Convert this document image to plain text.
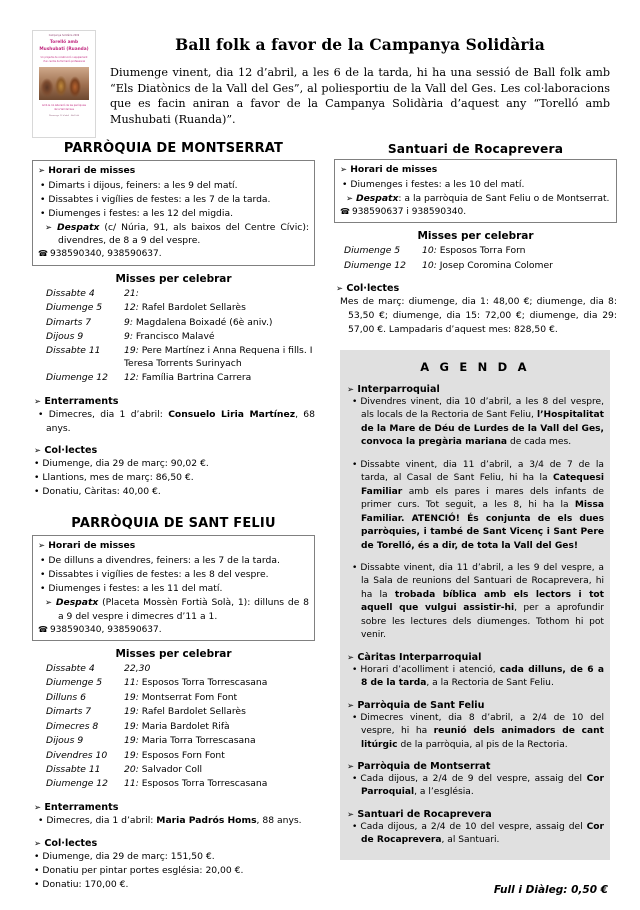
Campanya Solidària 2009
Torelló amb
Mushubati (Ruanda)
Un projecte de construcció i equipament
d'un centre de formació professional
Amb la col·laboració de les parròquies
de la Vall del Ges
Diumenge 12 d'abril · Ball folk
Ball folk a favor de la Campanya Solidària

Diumenge vinent, dia 12 d’abril, a les 6 de la tarda, hi ha una sessió de Ball folk amb “Els Diatònics de la Vall del Ges”, al poliesportiu de la Vall del Ges. Les col·laboracions que es facin aniran a favor de la Campanya Solidària d’aquest any “Torelló amb Mushubati (Ruanda)”.

PARRÒQUIA DE MONTSERRAT
➢ Horari de misses
• Dimarts i dijous, feiners: a les 9 del matí.
• Dissabtes i vigílies de festes: a les 7 de la tarda.
• Diumenges i festes: a les 12 del migdia.
➢ Despatx (c/ Núria, 91, als baixos del Centre Cívic): divendres, de 8 a 9 del vespre.
☎ 938590340, 938590637.
Misses per celebrar
Dissabte 4	21:
Diumenge 5	12: Rafel Bardolet Sellarès
Dimarts 7	9: Magdalena Boixadé (6è aniv.)
Dijous 9	9: Francisco Malavé
Dissabte 11	19: Pere Martínez i Anna Requena i fills. I Teresa Torrents Surinyach
Diumenge 12	12: Família Bartrina Carrera
➢ Enterraments
• Dimecres, dia 1 d’abril: Consuelo Liria Martínez, 68 anys.
➢ Col·lectes
• Diumenge, dia 29 de març: 90,02 €.
• Llantions, mes de març: 86,50 €.
• Donatiu, Càritas: 40,00 €.
PARRÒQUIA DE SANT FELIU
➢ Horari de misses
• De dilluns a divendres, feiners: a les 7 de la tarda.
• Dissabtes i vigílies de festes: a les 8 del vespre.
• Diumenges i festes: a les 11 del matí.
➢ Despatx (Placeta Mossèn Fortià Solà, 1): dilluns de 8 a 9 del vespre i dimecres d’11 a 1.
☎ 938590340, 938590637.
Misses per celebrar
Dissabte 4	22,30
Diumenge 5	11: Esposos Torra Torrescasana
Dilluns 6	19: Montserrat Fom Font
Dimarts 7	19: Rafel Bardolet Sellarès
Dimecres 8	19: Maria Bardolet Rifà
Dijous 9	19: Maria Torra Torrescasana
Divendres 10	19: Esposos Forn Font
Dissabte 11	20: Salvador Coll
Diumenge 12	11: Esposos Torra Torrescasana
➢ Enterraments
• Dimecres, dia 1 d’abril: Maria Padrós Homs, 88 anys.
➢ Col·lectes
• Diumenge, dia 29 de març: 151,50 €.
• Donatiu per pintar portes església: 20,00 €.
• Donatiu: 170,00 €.
Santuari de Rocaprevera
➢ Horari de misses
• Diumenges i festes: a les 10 del matí.
➢ Despatx: a la parròquia de Sant Feliu o de Montserrat.
☎ 938590637 i 938590340.
Misses per celebrar
Diumenge 5	10: Esposos Torra Forn
Diumenge 12	10: Josep Coromina Colomer
➢ Col·lectes
Mes de març: diumenge, dia 1: 48,00 €; diumenge, dia 8: 53,50 €; diumenge, dia 15: 72,00 €; diumenge, dia 29: 57,00 €. Lampadaris d’aquest mes: 828,50 €.
A G E N D A
➢ Interparroquial
• Divendres vinent, dia 10 d’abril, a les 8 del vespre, als locals de la Rectoria de Sant Feliu, l’Hospitalitat de la Mare de Déu de Lurdes de la Vall del Ges, convoca la pregària mariana de cada mes.
• Dissabte vinent, dia 11 d’abril, a 3/4 de 7 de la tarda, al Casal de Sant Feliu, hi ha la Catequesi Familiar amb els pares i mares dels infants de primer curs. Tot seguit, a les 8, hi ha la Missa Familiar. ATENCIÓ! És conjunta de els dues parròquies, i també de Sant Vicenç i Sant Pere de Torelló, és a dir, de tota la Vall del Ges!
• Dissabte vinent, dia 11 d’abril, a les 9 del vespre, a la Sala de reunions del Santuari de Rocaprevera, hi ha la trobada bíblica amb els lectors i tot aquell que vulgui assistir-hi, per a aprofundir sobre les lectures dels diumenges. Tothom hi pot venir.
➢ Càritas Interparroquial
• Horari d’acolliment i atenció, cada dilluns, de 6 a 8 de la tarda, a la Rectoria de Sant Feliu.
➢ Parròquia de Sant Feliu
• Dimecres vinent, dia 8 d’abril, a 2/4 de 10 del vespre, hi ha reunió dels animadors de cant litúrgic de la parròquia, al pis de la Rectoria.
➢ Parròquia de Montserrat
• Cada dijous, a 2/4 de 9 del vespre, assaig del Cor Parroquial, a l’església.
➢ Santuari de Rocaprevera
• Cada dijous, a 2/4 de 10 del vespre, assaig del Cor de Rocaprevera, al Santuari.
Full i Diàleg: 0,50 €
